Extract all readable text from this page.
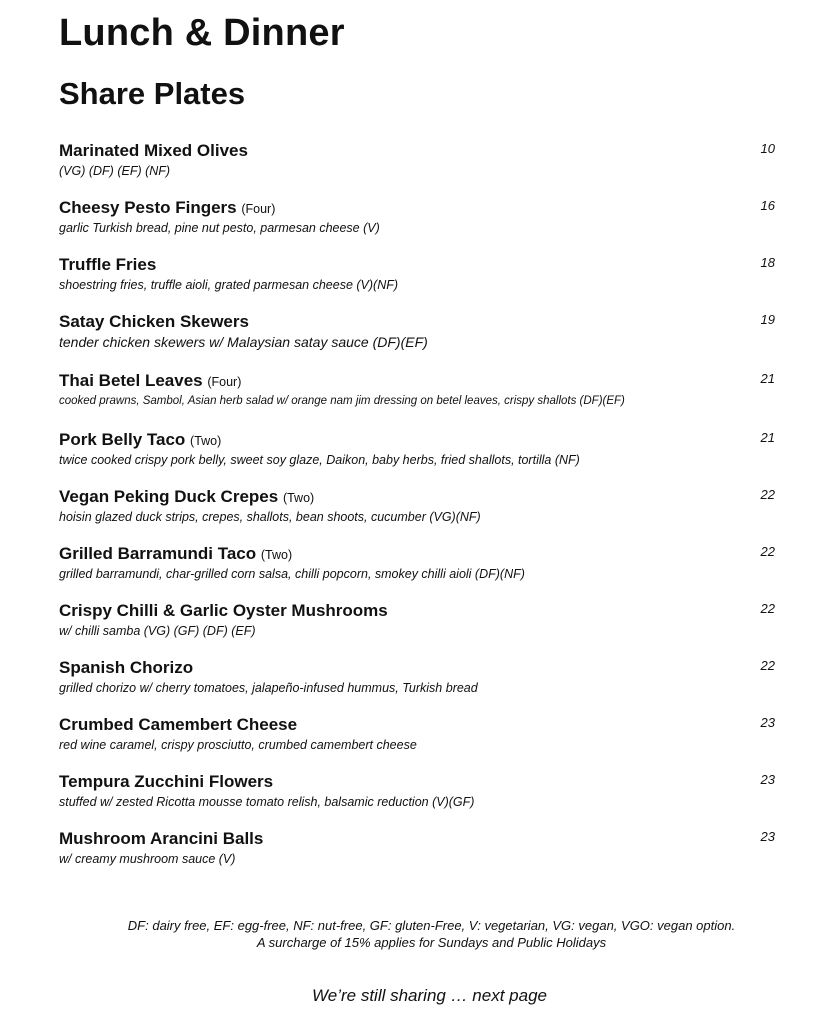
Lunch & Dinner
Share Plates
Marinated Mixed Olives
(VG) (DF) (EF) (NF)
10
Cheesy Pesto Fingers (Four)
garlic Turkish bread, pine nut pesto, parmesan cheese (V)
16
Truffle Fries
shoestring fries, truffle aioli, grated parmesan cheese (V)(NF)
18
Satay Chicken Skewers
tender chicken skewers w/ Malaysian satay sauce (DF)(EF)
19
Thai Betel Leaves (Four)
cooked prawns, Sambol, Asian herb salad w/ orange nam jim dressing on betel leaves, crispy shallots (DF)(EF)
21
Pork Belly Taco (Two)
twice cooked crispy pork belly, sweet soy glaze, Daikon, baby herbs, fried shallots, tortilla (NF)
21
Vegan Peking Duck Crepes (Two)
hoisin glazed duck strips, crepes, shallots, bean shoots, cucumber (VG)(NF)
22
Grilled Barramundi Taco (Two)
grilled barramundi, char-grilled corn salsa, chilli popcorn, smokey chilli aioli (DF)(NF)
22
Crispy Chilli & Garlic Oyster Mushrooms
w/ chilli samba (VG) (GF) (DF) (EF)
22
Spanish Chorizo
grilled chorizo w/ cherry tomatoes, jalapeño-infused hummus, Turkish bread
22
Crumbed Camembert Cheese
red wine caramel, crispy prosciutto, crumbed camembert cheese
23
Tempura Zucchini Flowers
stuffed w/ zested Ricotta mousse tomato relish, balsamic reduction (V)(GF)
23
Mushroom Arancini Balls
w/ creamy mushroom sauce (V)
23
DF: dairy free, EF: egg-free, NF: nut-free, GF: gluten-Free, V: vegetarian, VG: vegan, VGO: vegan option.
A surcharge of 15% applies for Sundays and Public Holidays
We’re still sharing … next page
